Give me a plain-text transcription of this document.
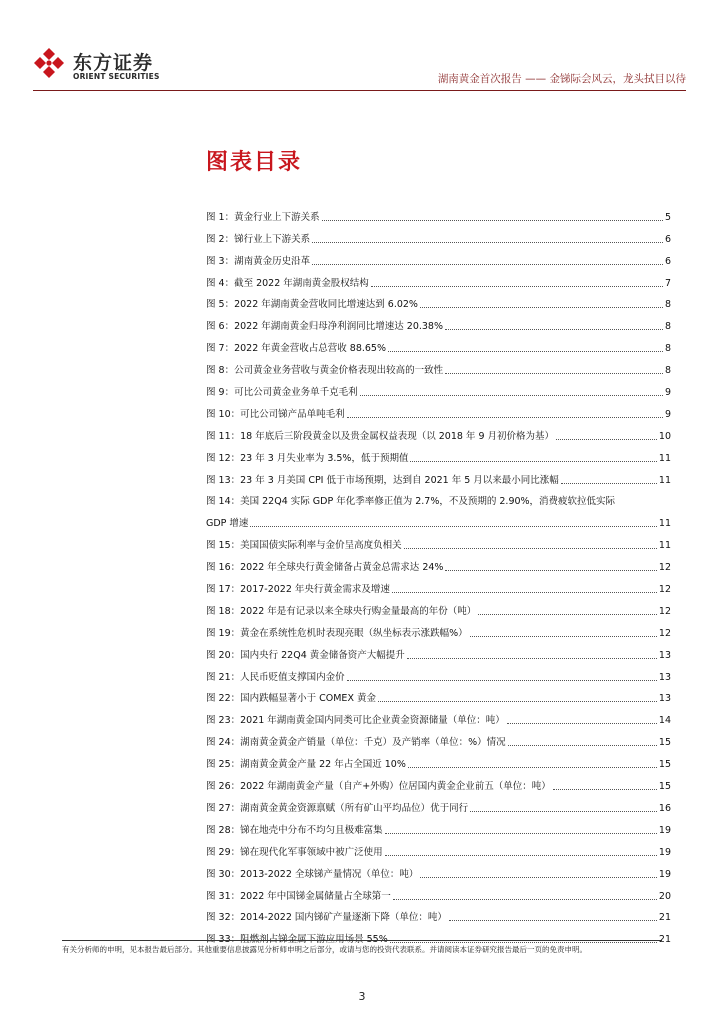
东方证券
ORIENT SECURITIES	湖南黄金首次报告 —— 金锑际会风云，龙头拭目以待
图表目录
图 1：黄金行业上下游关系	5
图 2：锑行业上下游关系	6
图 3：湖南黄金历史沿革	6
图 4：截至 2022 年湖南黄金股权结构	7
图 5：2022 年湖南黄金营收同比增速达到 6.02%	8
图 6：2022 年湖南黄金归母净利润同比增速达 20.38%	8
图 7：2022 年黄金营收占总营收 88.65%	8
图 8：公司黄金业务营收与黄金价格表现出较高的一致性	8
图 9：可比公司黄金业务单千克毛利	9
图 10：可比公司锑产品单吨毛利	9
图 11：18 年底后三阶段黄金以及贵金属权益表现（以 2018 年 9 月初价格为基）	10
图 12：23 年 3 月失业率为 3.5%，低于预期值	11
图 13：23 年 3 月美国 CPI 低于市场预期，达到自 2021 年 5 月以来最小同比涨幅	11
图 14：美国 22Q4 实际 GDP 年化季率修正值为 2.7%，不及预期的 2.90%，消费疲软拉低实际
GDP 增速	11
图 15：美国国债实际利率与金价呈高度负相关	11
图 16：2022 年全球央行黄金储备占黄金总需求达 24%	12
图 17：2017-2022 年央行黄金需求及增速	12
图 18：2022 年是有记录以来全球央行购金量最高的年份（吨）	12
图 19：黄金在系统性危机时表现亮眼（纵坐标表示涨跌幅%）	12
图 20：国内央行 22Q4 黄金储备资产大幅提升	13
图 21：人民币贬值支撑国内金价	13
图 22：国内跌幅显著小于 COMEX 黄金	13
图 23：2021 年湖南黄金国内同类可比企业黄金资源储量（单位：吨）	14
图 24：湖南黄金黄金产销量（单位：千克）及产销率（单位：%）情况	15
图 25：湖南黄金黄金产量 22 年占全国近 10%	15
图 26：2022 年湖南黄金产量（自产+外购）位居国内黄金企业前五（单位：吨）	15
图 27：湖南黄金黄金资源禀赋（所有矿山平均品位）优于同行	16
图 28：锑在地壳中分布不均匀且极难富集	19
图 29：锑在现代化军事领域中被广泛使用	19
图 30：2013-2022 全球锑产量情况（单位：吨）	19
图 31：2022 年中国锑金属储量占全球第一	20
图 32：2014-2022 国内锑矿产量逐渐下降（单位：吨）	21
图 33：阻燃剂占锑金属下游应用场景 55%	21
有关分析师的申明，见本报告最后部分。其他重要信息披露见分析师申明之后部分，或请与您的投资代表联系。并请阅读本证券研究报告最后一页的免责申明。
3
